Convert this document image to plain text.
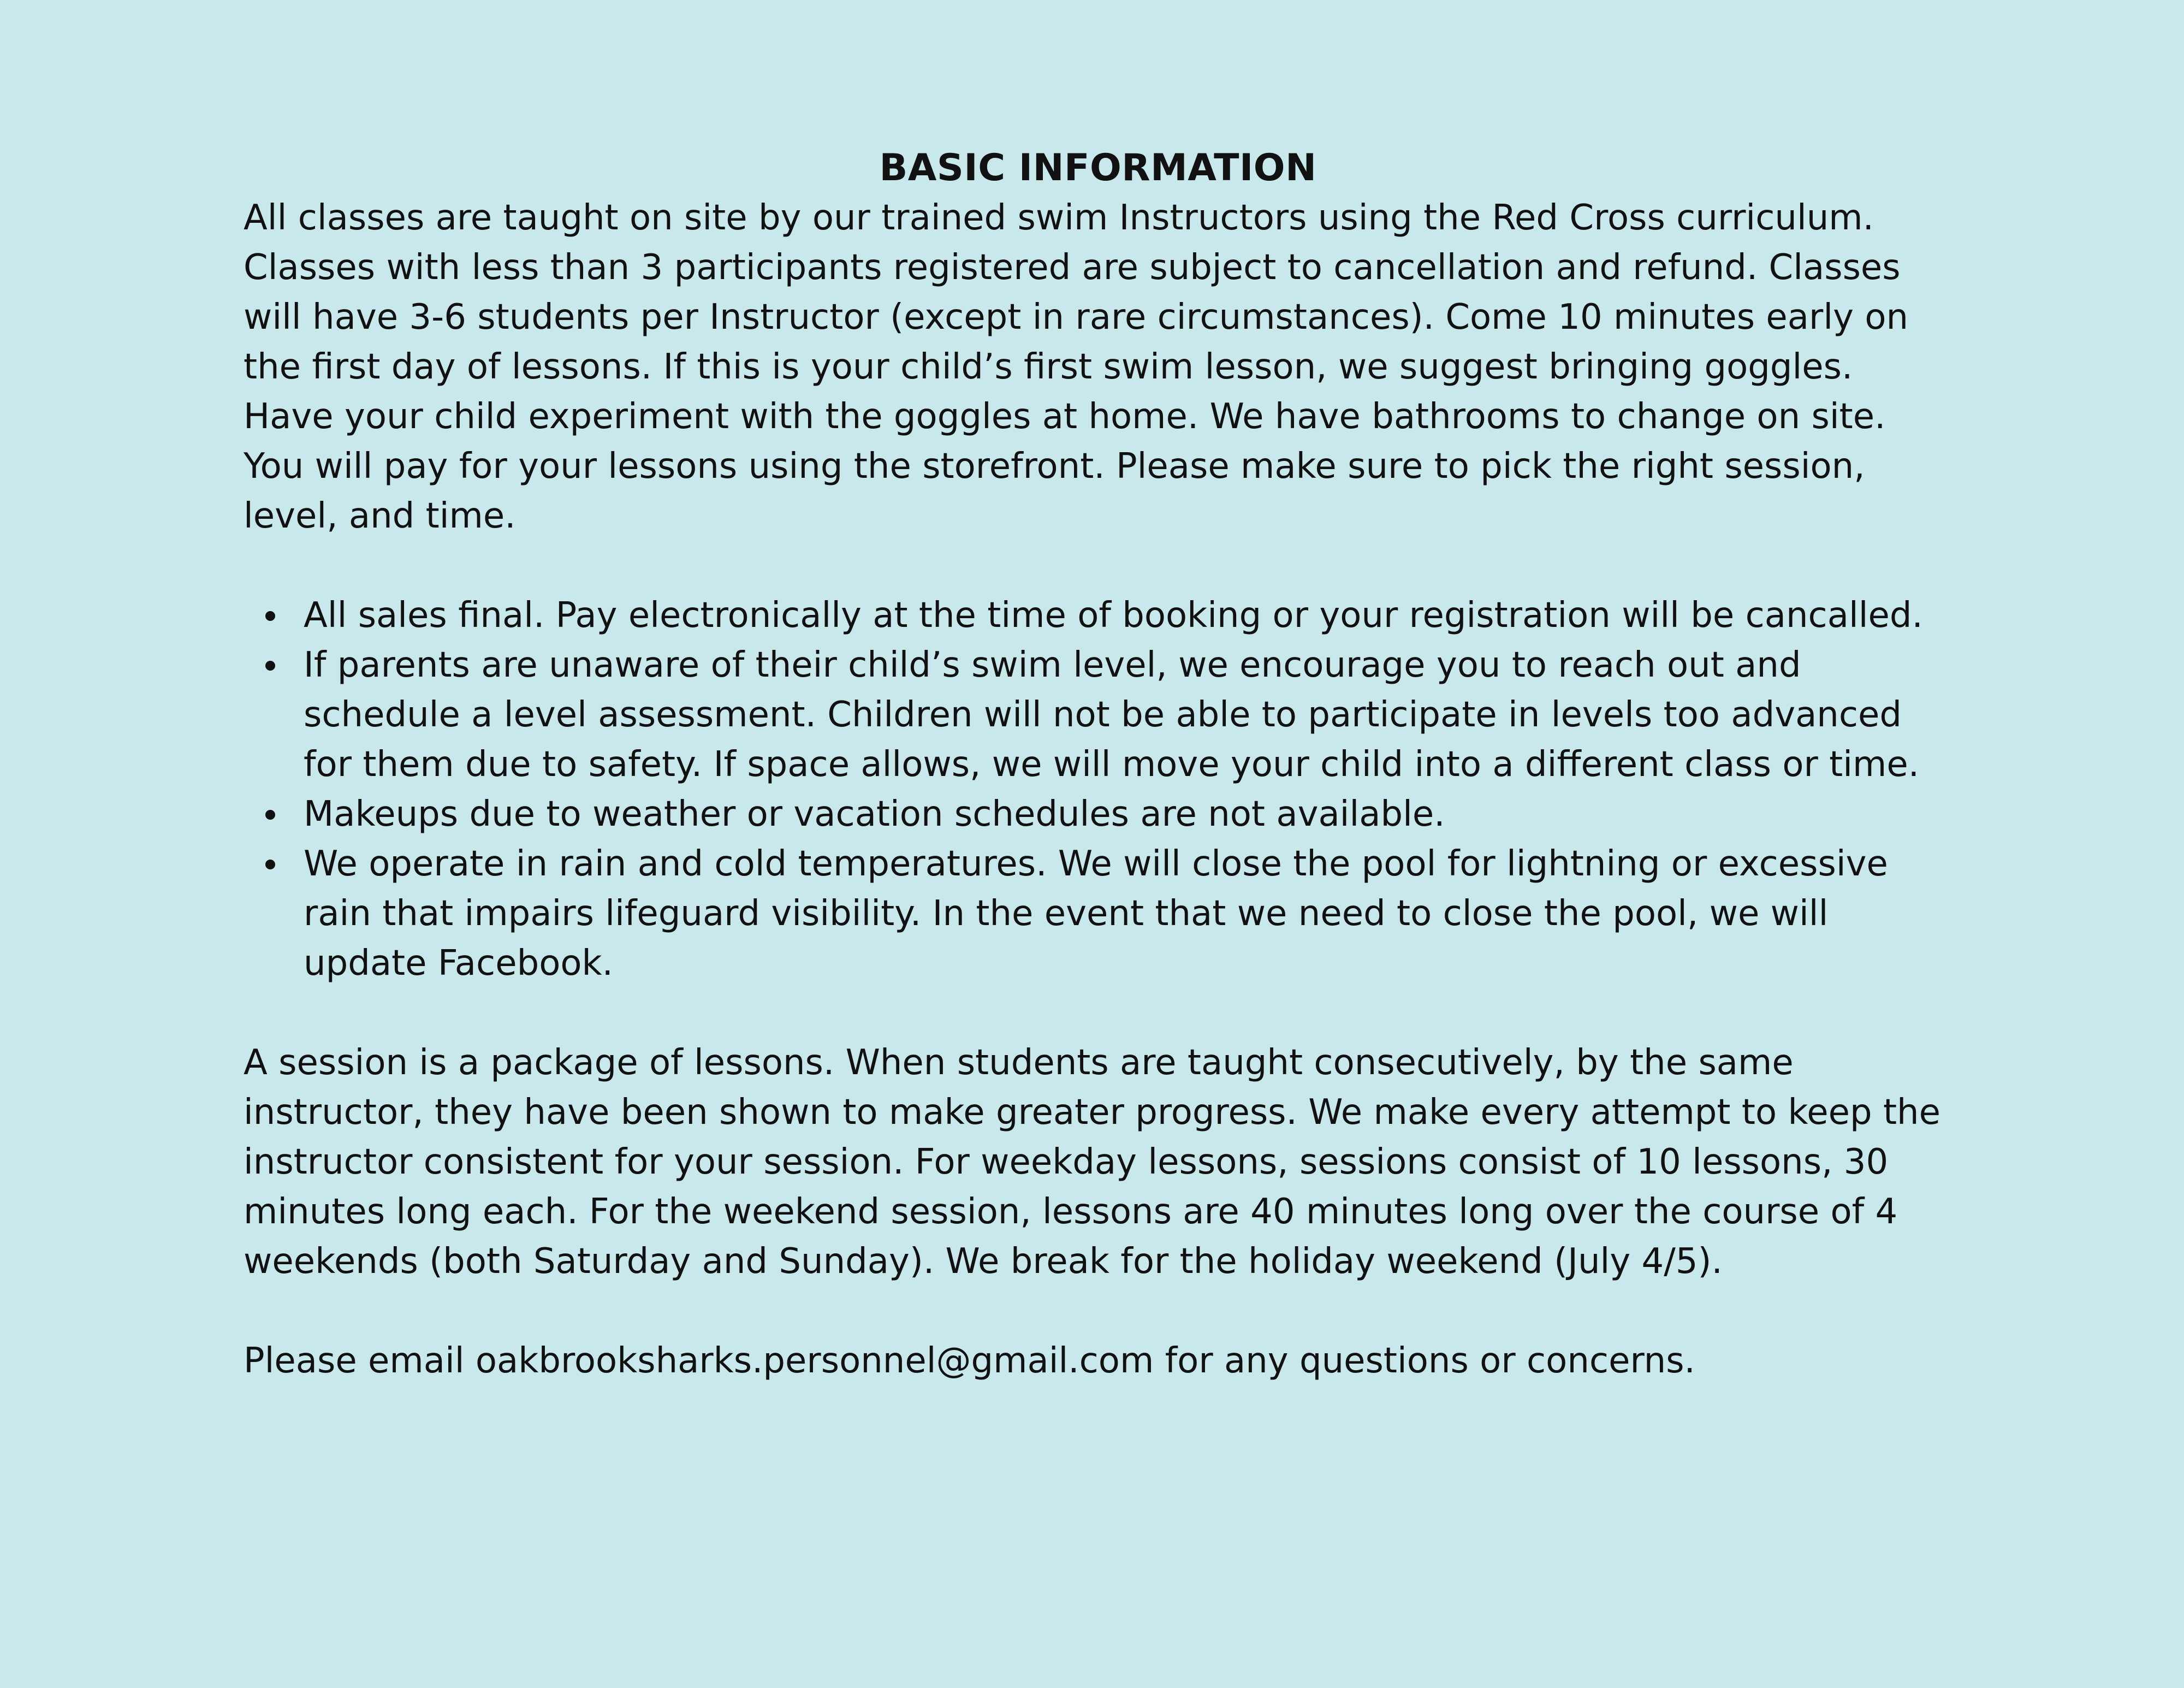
BASIC INFORMATION

All classes are taught on site by our trained swim Instructors using the Red Cross curriculum. Classes with less than 3 participants registered are subject to cancellation and refund. Classes will have 3-6 students per Instructor (except in rare circumstances). Come 10 minutes early on the first day of lessons. If this is your child’s first swim lesson, we suggest bringing goggles. Have your child experiment with the goggles at home. We have bathrooms to change on site. You will pay for your lessons using the storefront. Please make sure to pick the right session, level, and time.

All sales final. Pay electronically at the time of booking or your registration will be cancalled.
If parents are unaware of their child’s swim level, we encourage you to reach out and schedule a level assessment. Children will not be able to participate in levels too advanced for them due to safety. If space allows, we will move your child into a different class or time.
Makeups due to weather or vacation schedules are not available.
We operate in rain and cold temperatures. We will close the pool for lightning or excessive rain that impairs lifeguard visibility. In the event that we need to close the pool, we will update Facebook.

A session is a package of lessons. When students are taught consecutively, by the same instructor, they have been shown to make greater progress. We make every attempt to keep the instructor consistent for your session. For weekday lessons, sessions consist of 10 lessons, 30 minutes long each. For the weekend session, lessons are 40 minutes long over the course of 4 weekends (both Saturday and Sunday). We break for the holiday weekend (July 4/5).

Please email oakbrooksharks.personnel@gmail.com for any questions or concerns.
